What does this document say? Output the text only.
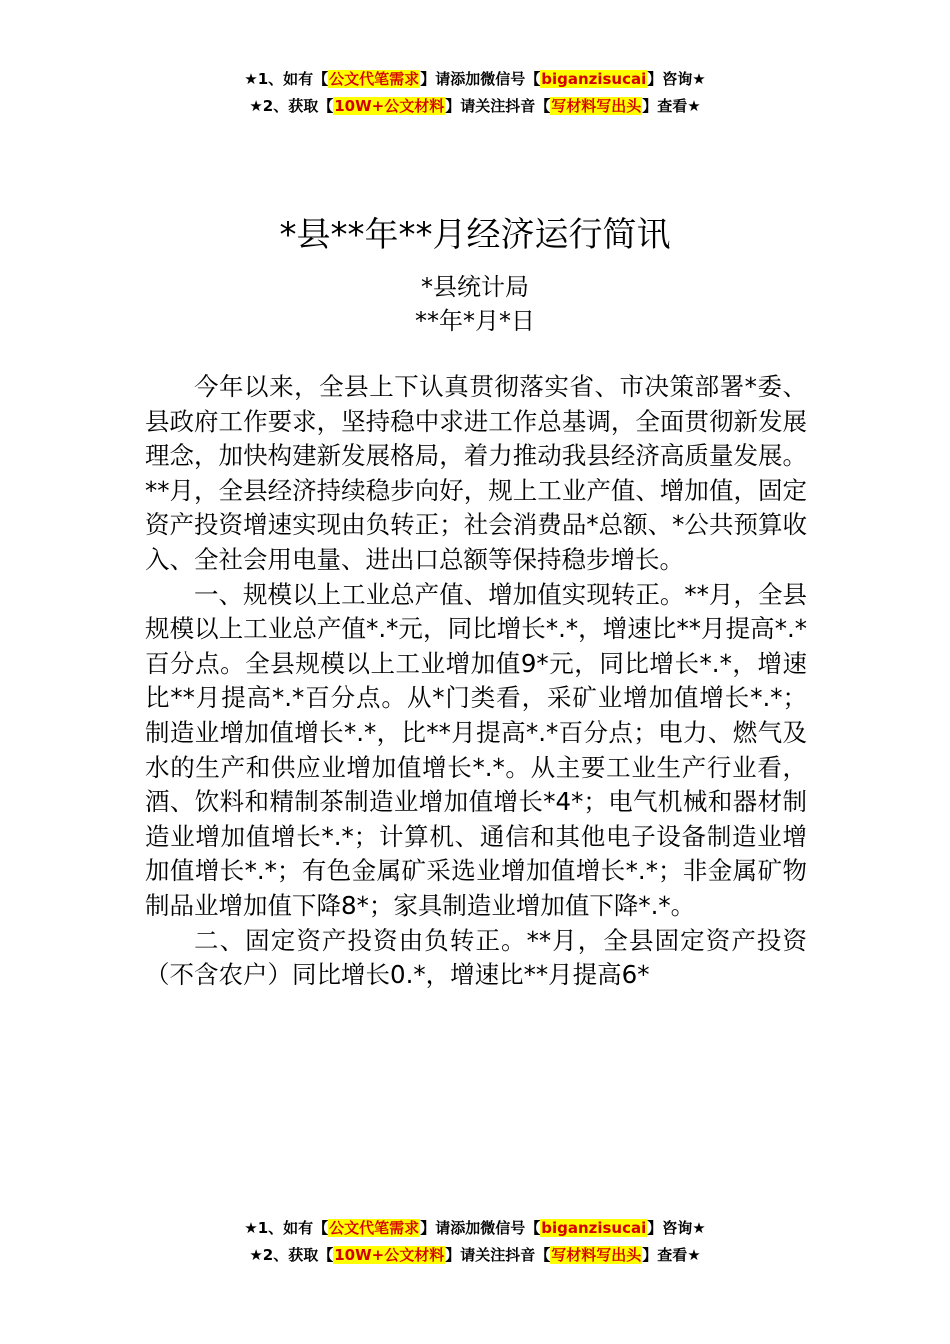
★1、如有【公文代笔需求】请添加微信号【biganzisucai】咨询★
★2、获取【10W+公文材料】请关注抖音【写材料写出头】查看★
*县**年**月经济运行简讯
*县统计局
**年*月*日

今年以来，全县上下认真贯彻落实省、市决策部署*委、县政府工作要求，坚持稳中求进工作总基调，全面贯彻新发展理念，加快构建新发展格局，着力推动我县经济高质量发展。**月，全县经济持续稳步向好，规上工业产值、增加值，固定资产投资增速实现由负转正；社会消费品*总额、*公共预算收入、全社会用电量、进出口总额等保持稳步增长。

一、规模以上工业总产值、增加值实现转正。**月，全县规模以上工业总产值*.*元，同比增长*.*，增速比**月提高*.*百分点。全县规模以上工业增加值9*元，同比增长*.*，增速比**月提高*.*百分点。从*门类看，采矿业增加值增长*.*；制造业增加值增长*.*，比**月提高*.*百分点；电力、燃气及水的生产和供应业增加值增长*.*。从主要工业生产行业看，酒、饮料和精制茶制造业增加值增长*4*；电气机械和器材制造业增加值增长*.*；计算机、通信和其他电子设备制造业增加值增长*.*；有色金属矿采选业增加值增长*.*；非金属矿物制品业增加值下降8*；家具制造业增加值下降*.*。

二、固定资产投资由负转正。**月，全县固定资产投资（不含农户）同比增长0.*，增速比**月提高6*

★1、如有【公文代笔需求】请添加微信号【biganzisucai】咨询★
★2、获取【10W+公文材料】请关注抖音【写材料写出头】查看★
